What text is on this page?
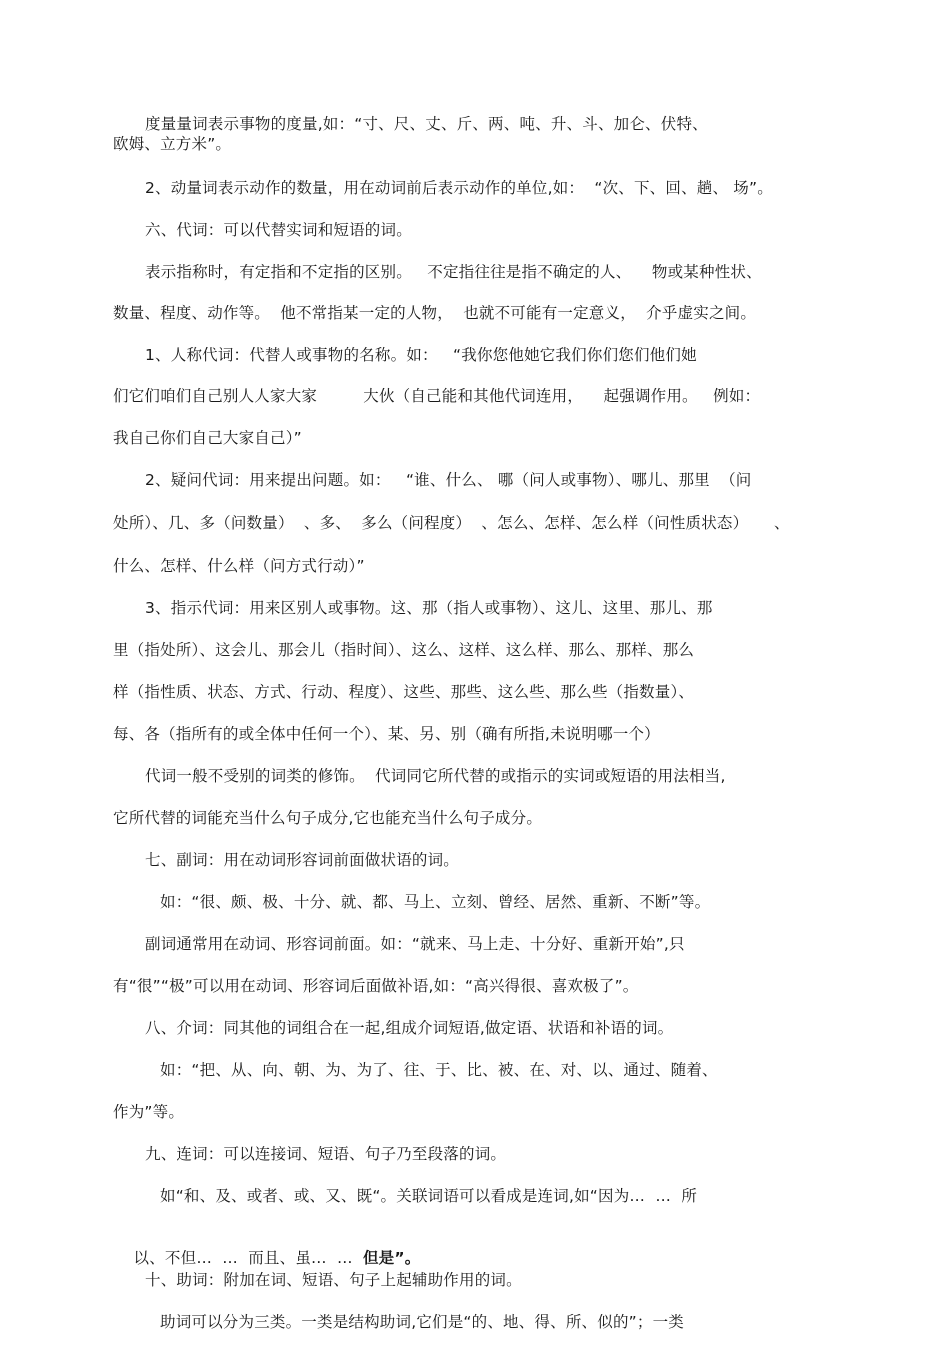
度量量词表示事物的度量,如：“寸、尺、丈、斤、两、吨、升、斗、加仑、伏特、

欧姆、立方米”。

2、动量词表示动作的数量，用在动词前后表示动作的单位,如：  “次、下、回、趟、 场”。

六、代词：可以代替实词和短语的词。

表示指称时，有定指和不定指的区别。   不定指往往是指不确定的人、    物或某种性状、

数量、程度、动作等。  他不常指某一定的人物，  也就不可能有一定意义，  介乎虚实之间。

1、人称代词：代替人或事物的名称。如：   “我你您他她它我们你们您们他们她

们它们咱们自己别人人家大家         大伙（自己能和其他代词连用，    起强调作用。   例如：

我自己你们自己大家自己）”

2、疑问代词：用来提出问题。如：   “谁、什么、 哪（问人或事物）、哪儿、那里  （问

处所）、几、多（问数量）  、多、  多么（问程度）  、怎么、怎样、怎么样（问性质状态）     、

什么、怎样、什么样（问方式行动）”

3、指示代词：用来区别人或事物。这、那（指人或事物）、这儿、这里、那儿、那

里（指处所）、这会儿、那会儿（指时间）、这么、这样、这么样、那么、那样、那么

样（指性质、状态、方式、行动、程度）、这些、那些、这么些、那么些（指数量）、

每、各（指所有的或全体中任何一个）、某、另、别（确有所指,未说明哪一个）

代词一般不受别的词类的修饰。  代词同它所代替的或指示的实词或短语的用法相当,

它所代替的词能充当什么句子成分,它也能充当什么句子成分。

七、副词：用在动词形容词前面做状语的词。

如：“很、颇、极、十分、就、都、马上、立刻、曾经、居然、重新、不断”等。

副词通常用在动词、形容词前面。如：“就来、马上走、十分好、重新开始”,只

有“很”“极”可以用在动词、形容词后面做补语,如：“高兴得很、喜欢极了”。

八、介词：同其他的词组合在一起,组成介词短语,做定语、状语和补语的词。

如：“把、从、向、朝、为、为了、往、于、比、被、在、对、以、通过、随着、

作为”等。

九、连词：可以连接词、短语、句子乃至段落的词。

如“和、及、或者、或、又、既“。关联词语可以看成是连词,如“因为…  …  所

以、不但…  …  而且、虽…  …  但是”。

十、助词：附加在词、短语、句子上起辅助作用的词。

助词可以分为三类。一类是结构助词,它们是“的、地、得、所、似的”；一类
